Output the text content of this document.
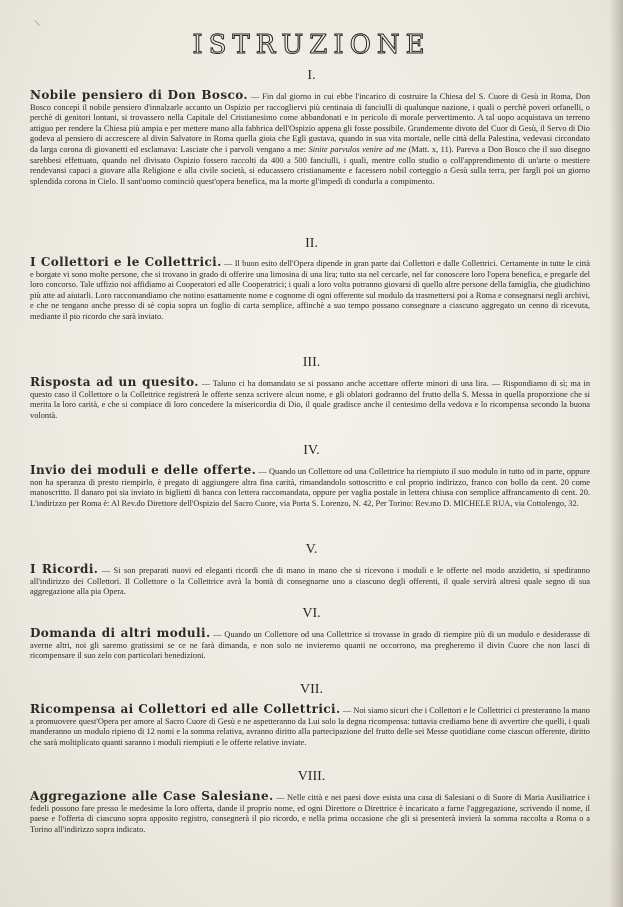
\
ISTRUZIONE
I.

Nobile pensiero di Don Bosco. — Fin dal giorno in cui ebbe l'incarico di costruire la Chiesa del S. Cuore di Gesù in Roma, Don Bosco concepì il nobile pensiero d'innalzarle accanto un Ospizio per raccogliervi più centinaia di fanciulli di qualunque nazione, i quali o perchè poveri orfanelli, o perchè di genitori lontani, si trovassero nella Capitale del Cristianesimo come abbandonati e in pericolo di morale pervertimento. A tal uopo acquistava un terreno attiguo per rendere la Chiesa più ampia e per mettere mano alla fabbrica dell'Ospizio appena gli fosse possibile. Grandemente divoto del Cuor di Gesù, il Servo di Dio godeva al pensiero di accrescere al divin Salvatore in Roma quella gioia che Egli gustava, quando in sua vita mortale, nelle città della Palestina, vedevasi circondato da larga corona di giovanetti ed esclamava: Lasciate che i parvoli vengano a me: Sinite parvulos venire ad me (Matt. x, 11). Pareva a Don Bosco che il suo disegno sarebbesi effettuato, quando nel divisato Ospizio fossero raccolti da 400 a 500 fanciulli, i quali, mentre collo studio o coll'apprendimento di un'arte o mestiere rendevansi capaci a giovare alla Religione e alla civile società, si educassero cristianamente e facessero nobil corteggio a Gesù sulla terra, per fargli poi un giorno splendida corona in Cielo. Il sant'uomo cominciò quest'opera benefica, ma la morte gl'impedì di condurla a compimento.

II.

I Collettori e le Collettrici. — Il buon esito dell'Opera dipende in gran parte dai Collettori e dalle Collettrici. Certamente in tutte le città e borgate vi sono molte persone, che si trovano in grado di offerire una limosina di una lira; tutto sta nel cercarle, nel far conoscere loro l'opera benefica, e pregarle del loro concorso. Tale uffizio noi affidiamo ai Cooperatori ed alle Cooperatrici; i quali a loro volta potranno giovarsi di quello altre persone della famiglia, che giudichino più atte ad aiutarli. Loro raccomandiamo che notino esattamente nome e cognome di ogni offerente sul modulo da trasmettersi poi a Roma e consegnarsi negli archivi, e che ne tengano anche presso di sè copia sopra un foglio di carta semplice, affinchè a suo tempo possano consegnare a ciascuno aggregato un cenno di ricevuta, mediante il pio ricordo che sarà inviato.

III.

Risposta ad un quesito. — Taluno ci ha domandato se si possano anche accettare offerte minori di una lira. — Rispondiamo di sì; ma in questo caso il Collettore o la Collettrice registrerà le offerte senza scrivere alcun nome, e gli oblatori godranno del frutto della S. Messa in quella proporzione che si merita la loro carità, e che si compiace di loro concedere la misericordia di Dio, il quale gradisce anche il centesimo della vedova e lo ricompensa secondo la buona volontà.

IV.

Invio dei moduli e delle offerte. — Quando un Collettore od una Collettrice ha riempiuto il suo modulo in tutto od in parte, oppure non ha speranza di presto riempirlo, è pregato di aggiungere altra fina carità, rimandandolo sottoscritto e col proprio indirizzo, franco con bollo da cent. 20 come manoscritto. Il danaro poi sia inviato in biglietti di banca con lettera raccomandata, oppure per vaglia postale in lettera chiusa con semplice affrancamento di cent. 20. L'indirizzo per Roma è: Al Rev.do Direttore dell'Ospizio del Sacro Cuore, via Porta S. Lorenzo, N. 42, Per Torino: Rev.mo D. MICHELE RUA, via Cottolengo, 32.

V.

I Ricordi. — Si son preparati nuovi ed eleganti ricordi che di mano in mano che si ricevono i moduli e le offerte nel modo anzidetto, si spediranno all'indirizzo dei Collettori. Il Collettore o la Collettrice avrà la bontà di consegnarne uno a ciascuno degli offerenti, il quale servirà altresì quale segno di sua aggregazione alla pia Opera.

VI.

Domanda di altri moduli. — Quando un Collettore od una Collettrice si trovasse in grado di riempire più di un modulo e desiderasse di averne altri, noi gli saremo gratissimi se ce ne farà dimanda, e non solo ne invieremo quanti ne occorrono, ma pregheremo il divin Cuore che non lasci di ricompensare il suo zelo con particolari benedizioni.

VII.

Ricompensa ai Collettori ed alle Collettrici. — Noi siamo sicuri che i Collettori e le Collettrici ci presteranno la mano a promuovere quest'Opera per amore al Sacro Cuore di Gesù e ne aspetteranno da Lui solo la degna ricompensa: tuttavia crediamo bene di avvertire che quelli, i quali manderanno un modulo ripieno di 12 nomi e la somma relativa, avranno diritto alla partecipazione del frutto delle sei Messe quotidiane come ciascun offerente, diritto che sarà moltiplicato quanti saranno i moduli riempiuti e le offerte relative inviate.

VIII.

Aggregazione alle Case Salesiane. — Nelle città e nei paesi dove esista una casa di Salesiani o di Suore di Maria Ausiliatrice i fedeli possono fare presso le medesime la loro offerta, dande il proprio nome, ed ogni Direttore o Direttrice è incaricato a farne l'aggregazione, scrivendo il nome, il paese e l'offerta di ciascuno sopra apposito registro, consegnerà il pio ricordo, e nella prima occasione che gli si presenterà invierà la somma raccolta a Roma o a Torino all'indirizzo sopra indicato.
